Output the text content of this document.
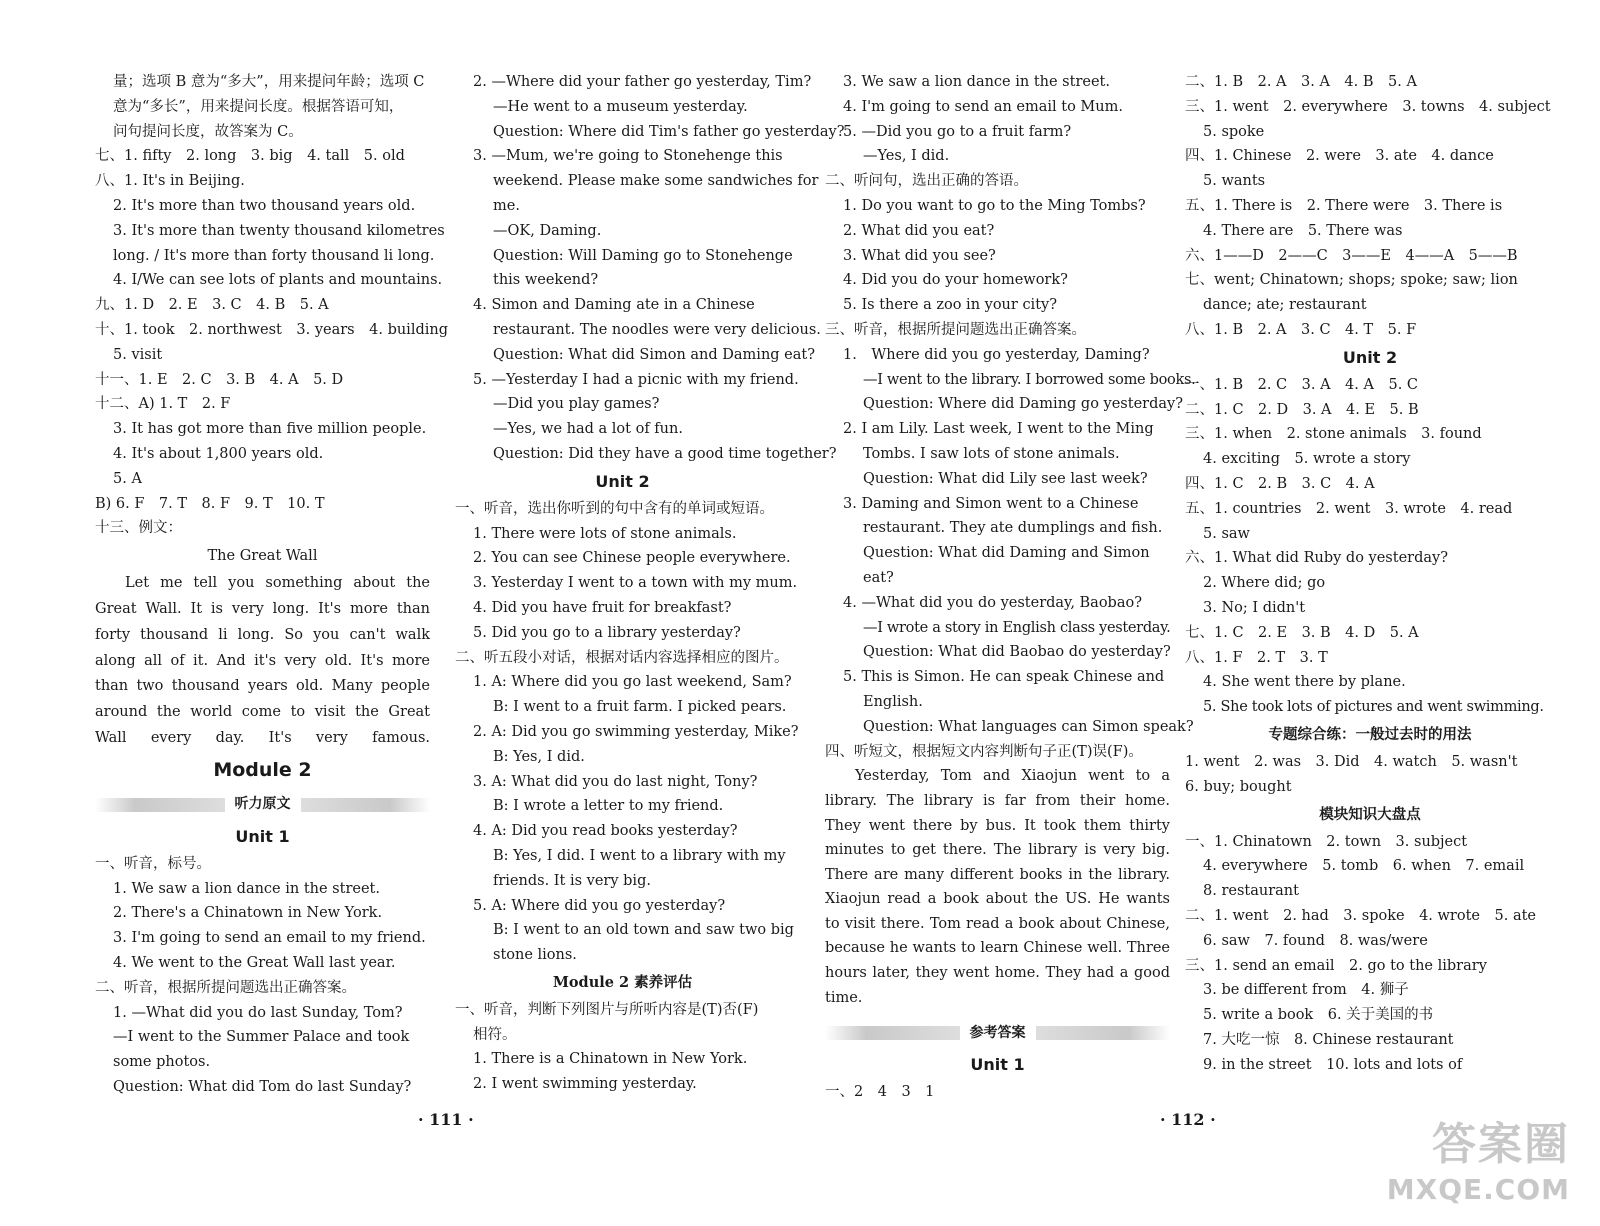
量；选项 B 意为“多大”，用来提问年龄；选项 C
意为“多长”，用来提问长度。根据答语可知，
问句提问长度，故答案为 C。
七、1. fifty　2. long　3. big　4. tall　5. old
八、1. It's in Beijing.
2. It's more than two thousand years old.
3. It's more than twenty thousand kilometres
long. / It's more than forty thousand li long.
4. I/We can see lots of plants and mountains.
九、1. D　2. E　3. C　4. B　5. A
十、1. took　2. northwest　3. years　4. building
5. visit
十一、1. E　2. C　3. B　4. A　5. D
十二、A) 1. T　2. F
3. It has got more than five million people.
4. It's about 1,800 years old.
5. A
B) 6. F　7. T　8. F　9. T　10. T
十三、例文：
The Great Wall
Let me tell you something about the Great Wall. It is very long. It's more than forty thousand li long. So you can't walk along all of it. And it's very old. It's more than two thousand years old. Many people around the world come to visit the Great Wall every day. It's very famous.
Module 2
听力原文
Unit 1
一、听音，标号。
1. We saw a lion dance in the street.
2. There's a Chinatown in New York.
3. I'm going to send an email to my friend.
4. We went to the Great Wall last year.
二、听音，根据所提问题选出正确答案。
1. —What did you do last Sunday, Tom?
—I went to the Summer Palace and took
some photos.
Question: What did Tom do last Sunday?
2. —Where did your father go yesterday, Tim?
—He went to a museum yesterday.
Question: Where did Tim's father go yesterday?
3. —Mum, we're going to Stonehenge this
weekend. Please make some sandwiches for
me.
—OK, Daming.
Question: Will Daming go to Stonehenge
this weekend?
4. Simon and Daming ate in a Chinese
restaurant. The noodles were very delicious.
Question: What did Simon and Daming eat?
5. —Yesterday I had a picnic with my friend.
—Did you play games?
—Yes, we had a lot of fun.
Question: Did they have a good time together?
Unit 2
一、听音，选出你听到的句中含有的单词或短语。
1. There were lots of stone animals.
2. You can see Chinese people everywhere.
3. Yesterday I went to a town with my mum.
4. Did you have fruit for breakfast?
5. Did you go to a library yesterday?
二、听五段小对话，根据对话内容选择相应的图片。
1. A: Where did you go last weekend, Sam?
B: I went to a fruit farm. I picked pears.
2. A: Did you go swimming yesterday, Mike?
B: Yes, I did.
3. A: What did you do last night, Tony?
B: I wrote a letter to my friend.
4. A: Did you read books yesterday?
B: Yes, I did. I went to a library with my
friends. It is very big.
5. A: Where did you go yesterday?
B: I went to an old town and saw two big
stone lions.
Module 2 素养评估
一、听音，判断下列图片与所听内容是(T)否(F)
相符。
1. There is a Chinatown in New York.
2. I went swimming yesterday.
3. We saw a lion dance in the street.
4. I'm going to send an email to Mum.
5. —Did you go to a fruit farm?
—Yes, I did.
二、听问句，选出正确的答语。
1. Do you want to go to the Ming Tombs?
2. What did you eat?
3. What did you see?
4. Did you do your homework?
5. Is there a zoo in your city?
三、听音，根据所提问题选出正确答案。
1.　Where did you go yesterday, Daming?
—I went to the library. I borrowed some books.
Question: Where did Daming go yesterday?
2. I am Lily. Last week, I went to the Ming
Tombs. I saw lots of stone animals.
Question: What did Lily see last week?
3. Daming and Simon went to a Chinese
restaurant. They ate dumplings and fish.
Question: What did Daming and Simon
eat?
4. —What did you do yesterday, Baobao?
—I wrote a story in English class yesterday.
Question: What did Baobao do yesterday?
5. This is Simon. He can speak Chinese and
English.
Question: What languages can Simon speak?
四、听短文，根据短文内容判断句子正(T)误(F)。
Yesterday, Tom and Xiaojun went to a library. The library is far from their home. They went there by bus. It took them thirty minutes to get there. The library is very big. There are many different books in the library. Xiaojun read a book about the US. He wants to visit there. Tom read a book about Chinese, because he wants to learn Chinese well. Three hours later, they went home. They had a good time.
参考答案
Unit 1
一、2　4　3　1
二、1. B　2. A　3. A　4. B　5. A
三、1. went　2. everywhere　3. towns　4. subject
5. spoke
四、1. Chinese　2. were　3. ate　4. dance
5. wants
五、1. There is　2. There were　3. There is
4. There are　5. There was
六、1——D　2——C　3——E　4——A　5——B
七、went; Chinatown; shops; spoke; saw; lion
dance; ate; restaurant
八、1. B　2. A　3. C　4. T　5. F
Unit 2
一、1. B　2. C　3. A　4. A　5. C
二、1. C　2. D　3. A　4. E　5. B
三、1. when　2. stone animals　3. found
4. exciting　5. wrote a story
四、1. C　2. B　3. C　4. A
五、1. countries　2. went　3. wrote　4. read
5. saw
六、1. What did Ruby do yesterday?
2. Where did; go
3. No; I didn't
七、1. C　2. E　3. B　4. D　5. A
八、1. F　2. T　3. T
4. She went there by plane.
5. She took lots of pictures and went swimming.
专题综合练：一般过去时的用法
1. went　2. was　3. Did　4. watch　5. wasn't
6. buy; bought
模块知识大盘点
一、1. Chinatown　2. town　3. subject
4. everywhere　5. tomb　6. when　7. email
8. restaurant
二、1. went　2. had　3. spoke　4. wrote　5. ate
6. saw　7. found　8. was/were
三、1. send an email　2. go to the library
3. be different from　4. 狮子
5. write a book　6. 关于美国的书
7. 大吃一惊　8. Chinese restaurant
9. in the street　10. lots and lots of
· 111 ·	· 112 ·	答案圈
MXQE.COM
